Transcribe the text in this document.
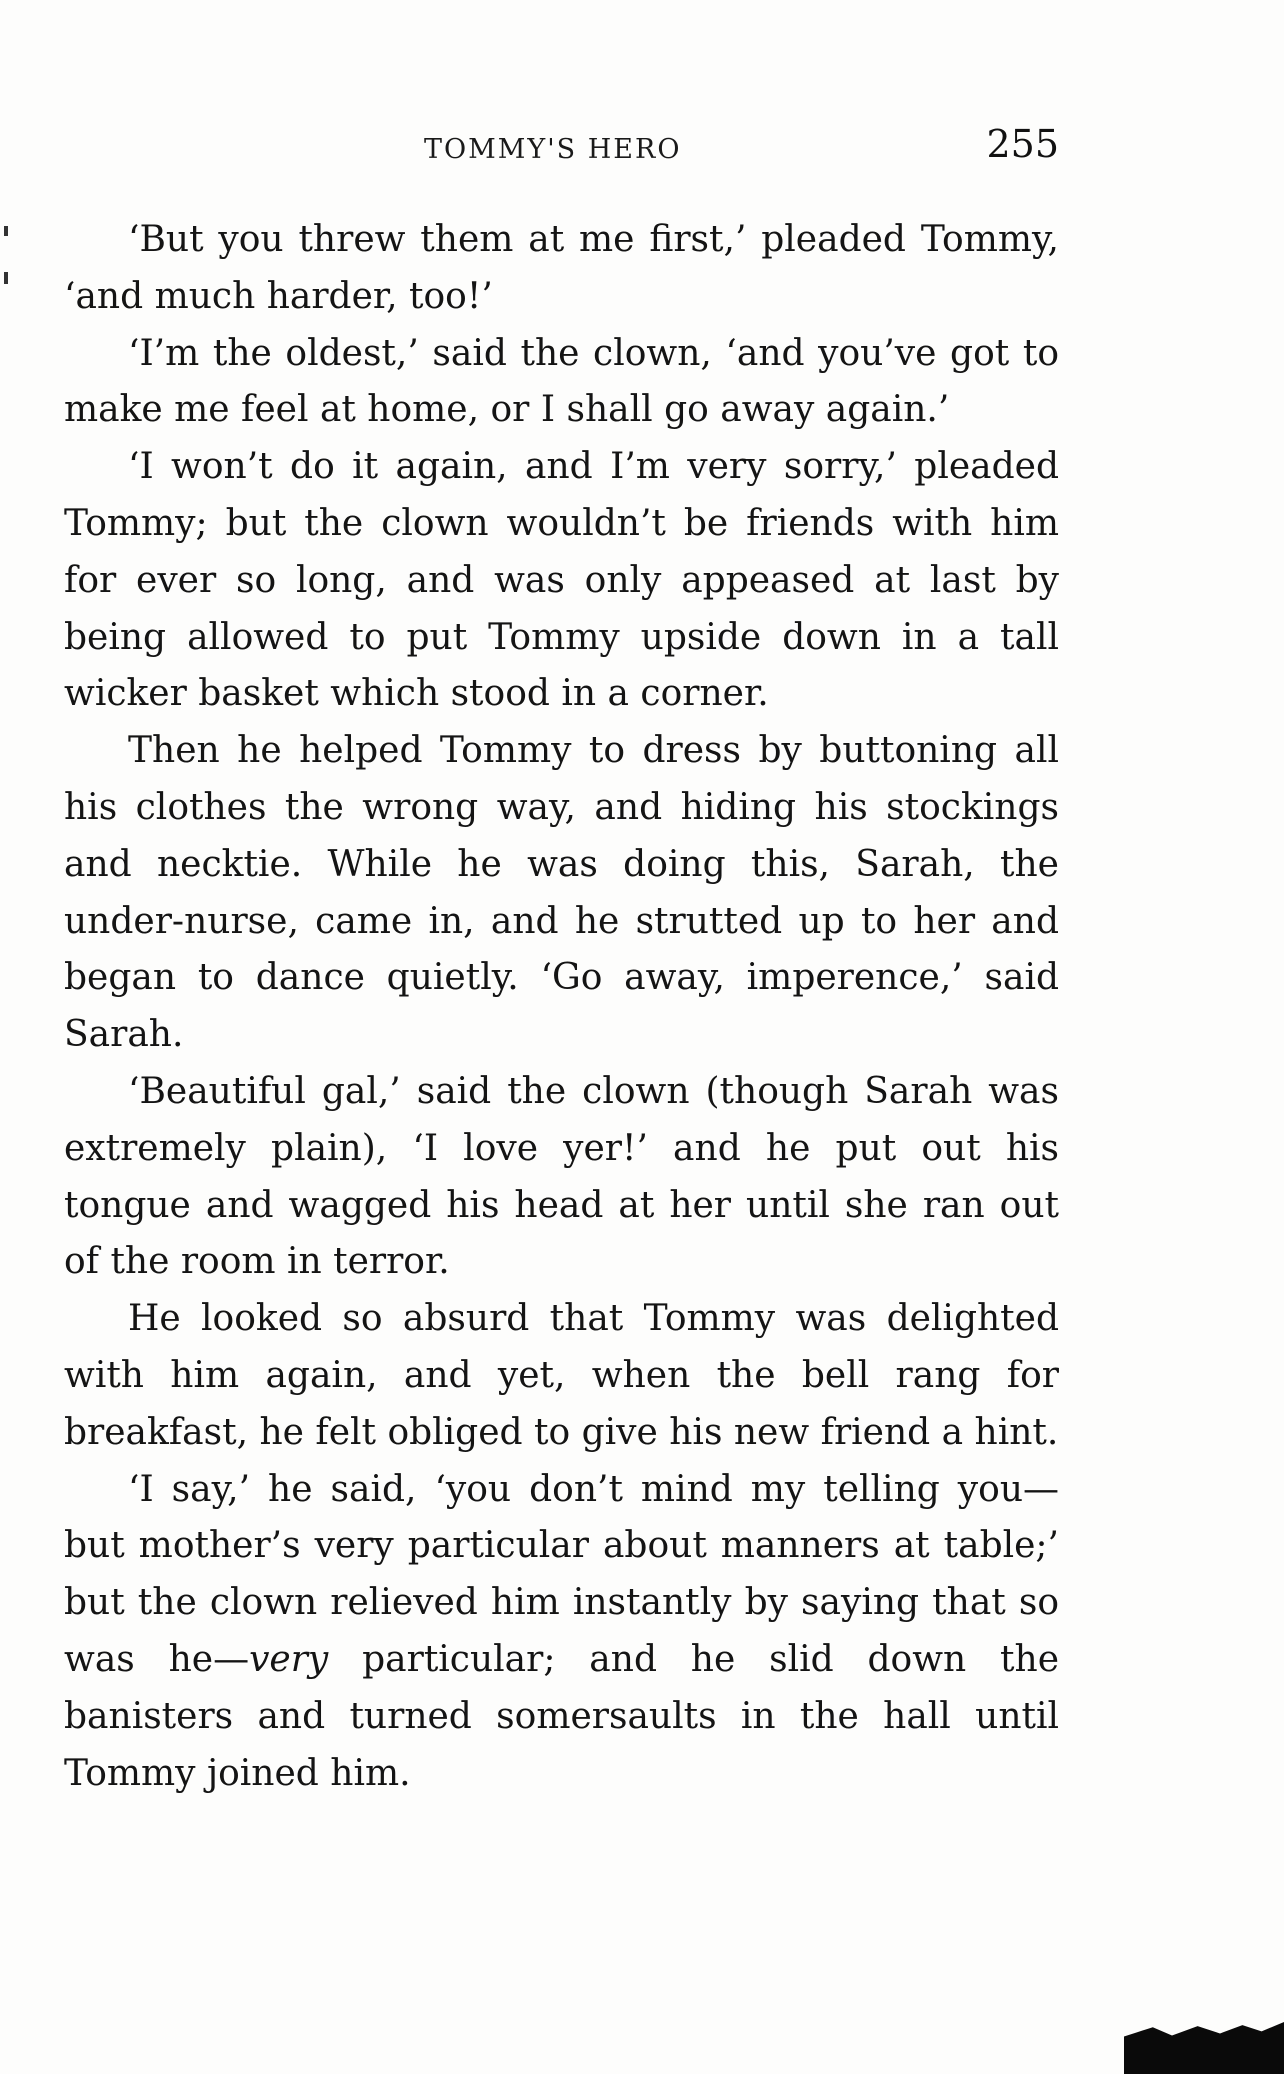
TOMMY'S HERO	255

‘But you threw them at me first,’ pleaded Tommy, ‘and much harder, too!’

‘I’m the oldest,’ said the clown, ‘and you’ve got to make me feel at home, or I shall go away again.’

‘I won’t do it again, and I’m very sorry,’ pleaded Tommy; but the clown wouldn’t be friends with him for ever so long, and was only appeased at last by being allowed to put Tommy upside down in a tall wicker basket which stood in a corner.

Then he helped Tommy to dress by buttoning all his clothes the wrong way, and hiding his stockings and necktie. While he was doing this, Sarah, the under-nurse, came in, and he strutted up to her and began to dance quietly. ‘Go away, imperence,’ said Sarah.

‘Beautiful gal,’ said the clown (though Sarah was extremely plain), ‘I love yer!’ and he put out his tongue and wagged his head at her until she ran out of the room in terror.

He looked so absurd that Tommy was delighted with him again, and yet, when the bell rang for breakfast, he felt obliged to give his new friend a hint.

‘I say,’ he said, ‘you don’t mind my telling you—but mother’s very particular about manners at table;’ but the clown relieved him instantly by saying that so was he—very particular; and he slid down the banisters and turned somersaults in the hall until Tommy joined him.
